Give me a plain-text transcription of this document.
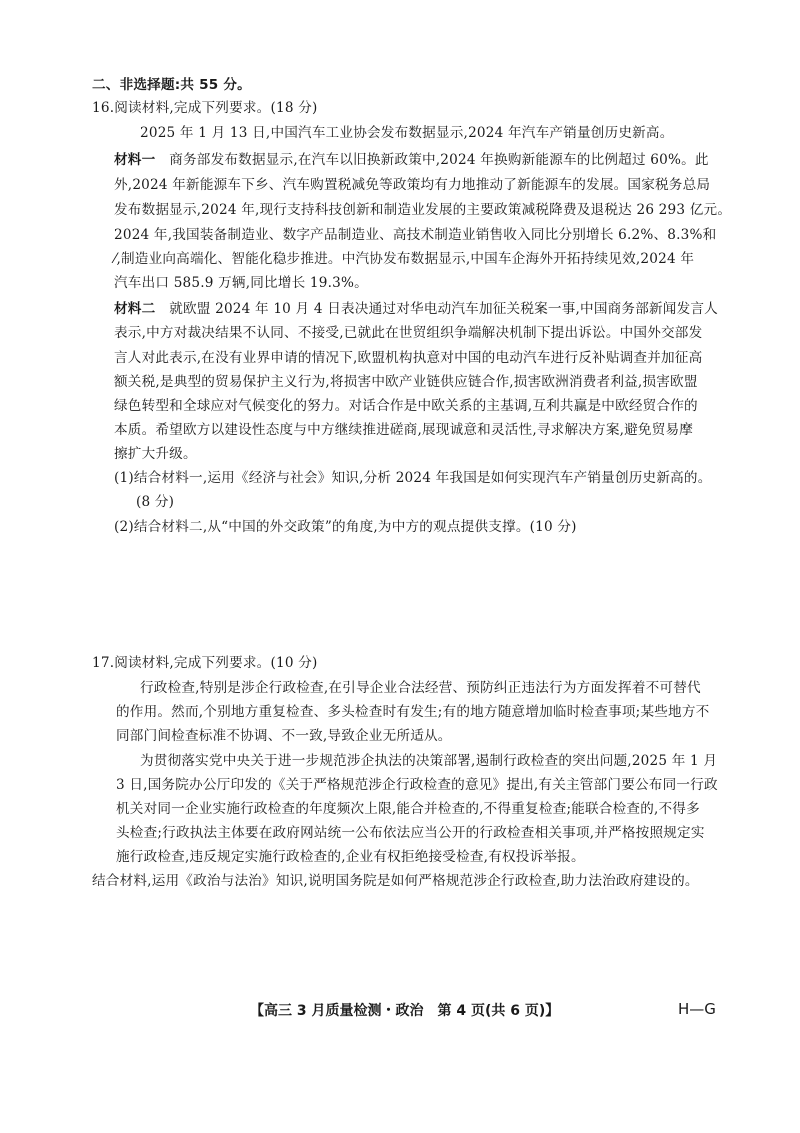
二、非选择题:共 55 分。
16.阅读材料,完成下列要求。(18 分)
2025 年 1 月 13 日,中国汽车工业协会发布数据显示,2024 年汽车产销量创历史新高。
材料一　 商务部发布数据显示,在汽车以旧换新政策中,2024 年换购新能源车的比例超过 60%。此
外,2024 年新能源车下乡、汽车购置税减免等政策均有力地推动了新能源车的发展。国家税务总局
发布数据显示,2024 年,现行支持科技创新和制造业发展的主要政策减税降费及退税达 26 293 亿元。
2024 年,我国装备制造业、数字产品制造业、高技术制造业销售收入同比分别增长 6.2%、8.3%和
⁄,制造业向高端化、智能化稳步推进。中汽协发布数据显示,中国车企海外开拓持续见效,2024 年
汽车出口 585.9 万辆,同比增长 19.3%。
材料二　 就欧盟 2024 年 10 月 4 日表决通过对华电动汽车加征关税案一事,中国商务部新闻发言人
表示,中方对裁决结果不认同、不接受,已就此在世贸组织争端解决机制下提出诉讼。中国外交部发
言人对此表示,在没有业界申请的情况下,欧盟机构执意对中国的电动汽车进行反补贴调查并加征高
额关税,是典型的贸易保护主义行为,将损害中欧产业链供应链合作,损害欧洲消费者利益,损害欧盟
绿色转型和全球应对气候变化的努力。对话合作是中欧关系的主基调,互利共赢是中欧经贸合作的
本质。希望欧方以建设性态度与中方继续推进磋商,展现诚意和灵活性,寻求解决方案,避免贸易摩
擦扩大升级。
(1)结合材料一,运用《经济与社会》知识,分析 2024 年我国是如何实现汽车产销量创历史新高的。
(8 分)
(2)结合材料二,从“中国的外交政策”的角度,为中方的观点提供支撑。(10 分)
17.阅读材料,完成下列要求。(10 分)
行政检查,特别是涉企行政检查,在引导企业合法经营、预防纠正违法行为方面发挥着不可替代
的作用。然而,个别地方重复检查、多头检查时有发生;有的地方随意增加临时检查事项;某些地方不
同部门间检查标准不协调、不一致,导致企业无所适从。
为贯彻落实党中央关于进一步规范涉企执法的决策部署,遏制行政检查的突出问题,2025 年 1 月
3 日,国务院办公厅印发的《关于严格规范涉企行政检查的意见》提出,有关主管部门要公布同一行政
机关对同一企业实施行政检查的年度频次上限,能合并检查的,不得重复检查;能联合检查的,不得多
头检查;行政执法主体要在政府网站统一公布依法应当公开的行政检查相关事项,并严格按照规定实
施行政检查,违反规定实施行政检查的,企业有权拒绝接受检查,有权投诉举报。
结合材料,运用《政治与法治》知识,说明国务院是如何严格规范涉企行政检查,助力法治政府建设的。
【高三 3 月质量检测・政治　第 4 页(共 6 页)】	H—G
